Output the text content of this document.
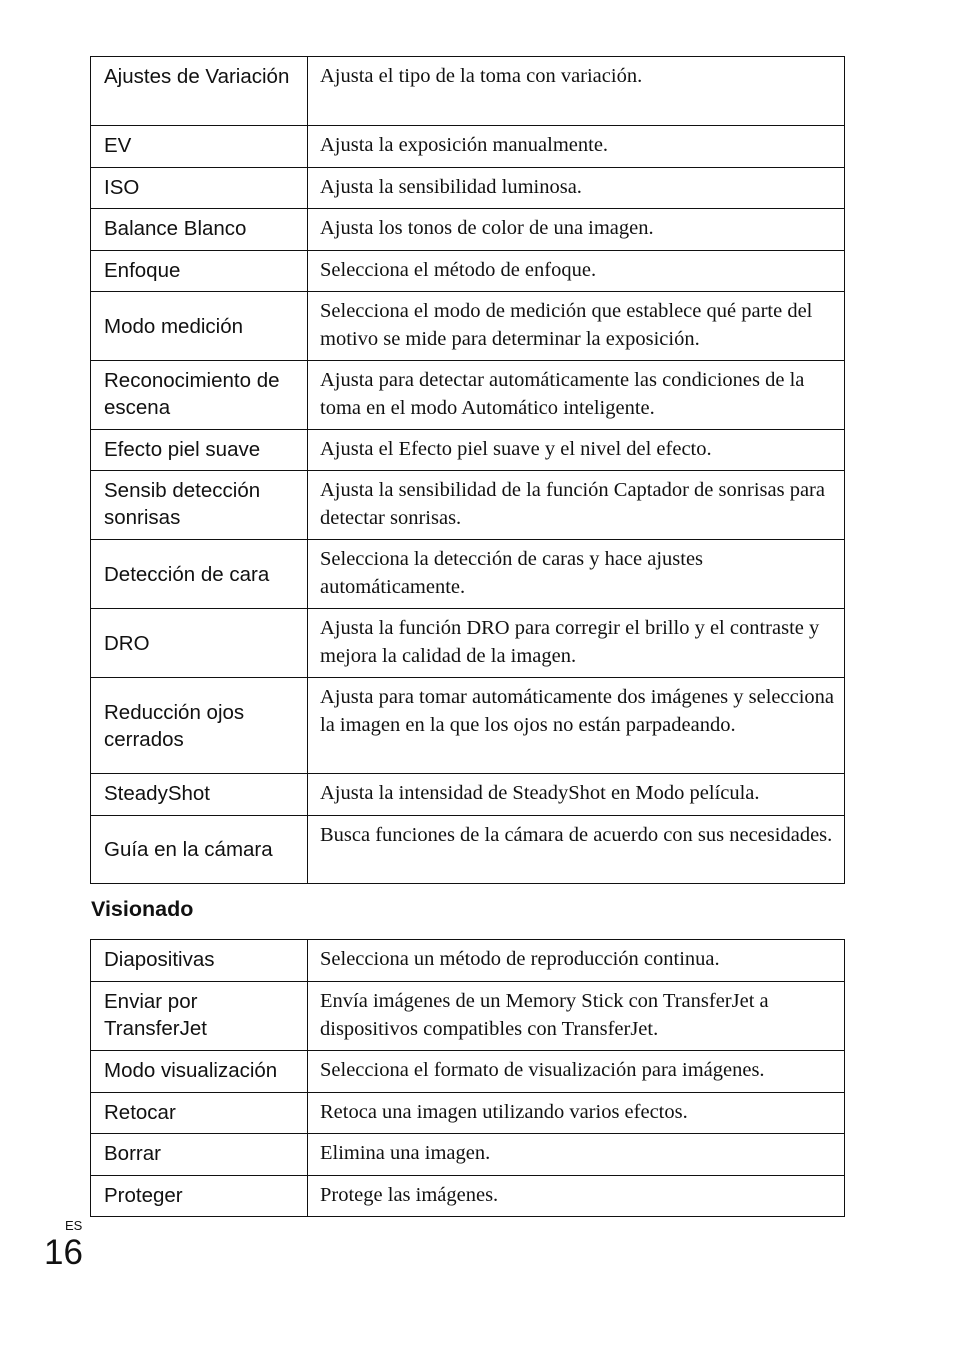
Ajustes de Variación	Ajusta el tipo de la toma con variación.
EV	Ajusta la exposición manualmente.
ISO	Ajusta la sensibilidad luminosa.
Balance Blanco	Ajusta los tonos de color de una imagen.
Enfoque	Selecciona el método de enfoque.
Modo medición	Selecciona el modo de medición que establece qué parte del motivo se mide para determinar la exposición.
Reconocimiento de escena	Ajusta para detectar automáticamente las condiciones de la toma en el modo Automático inteligente.
Efecto piel suave	Ajusta el Efecto piel suave y el nivel del efecto.
Sensib detección sonrisas	Ajusta la sensibilidad de la función Captador de sonrisas para detectar sonrisas.
Detección de cara	Selecciona la detección de caras y hace ajustes automáticamente.
DRO	Ajusta la función DRO para corregir el brillo y el contraste y mejora la calidad de la imagen.
Reducción ojos cerrados	Ajusta para tomar automáticamente dos imágenes y selecciona la imagen en la que los ojos no están parpadeando.
SteadyShot	Ajusta la intensidad de SteadyShot en Modo película.
Guía en la cámara	Busca funciones de la cámara de acuerdo con sus necesidades.
Visionado
Diapositivas	Selecciona un método de reproducción continua.
Enviar por TransferJet	Envía imágenes de un Memory Stick con TransferJet a dispositivos compatibles con TransferJet.
Modo visualización	Selecciona el formato de visualización para imágenes.
Retocar	Retoca una imagen utilizando varios efectos.
Borrar	Elimina una imagen.
Proteger	Protege las imágenes.
ES
16
